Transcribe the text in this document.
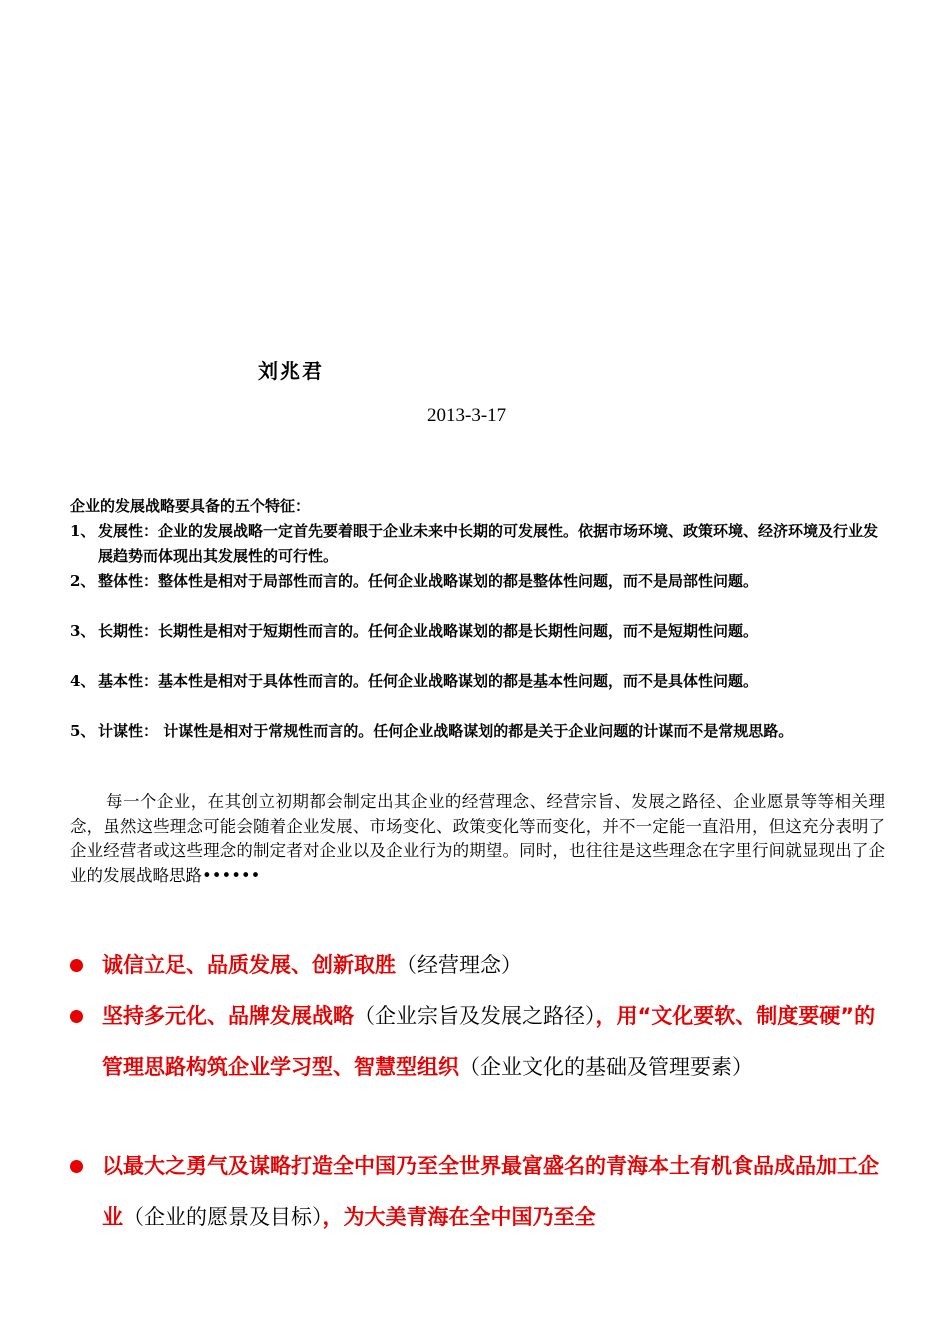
刘兆君
2013-3-17
企业的发展战略要具备的五个特征：
1、 发展性：企业的发展战略一定首先要着眼于企业未来中长期的可发展性。依据市场环境、政策环境、经济环境及行业发展趋势而体现出其发展性的可行性。
2、 整体性：整体性是相对于局部性而言的。任何企业战略谋划的都是整体性问题，而不是局部性问题。
3、 长期性：长期性是相对于短期性而言的。任何企业战略谋划的都是长期性问题，而不是短期性问题。
4、 基本性：基本性是相对于具体性而言的。任何企业战略谋划的都是基本性问题，而不是具体性问题。
5、 计谋性： 计谋性是相对于常规性而言的。任何企业战略谋划的都是关于企业问题的计谋而不是常规思路。
每一个企业，在其创立初期都会制定出其企业的经营理念、经营宗旨、发展之路径、企业愿景等等相关理念，虽然这些理念可能会随着企业发展、市场变化、政策变化等而变化，并不一定能一直沿用，但这充分表明了企业经营者或这些理念的制定者对企业以及企业行为的期望。同时，也往往是这些理念在字里行间就显现出了企业的发展战略思路••••••
诚信立足、品质发展、创新取胜（经营理念）
坚持多元化、品牌发展战略（企业宗旨及发展之路径），用“文化要软、制度要硬”的管理思路构筑企业学习型、智慧型组织（企业文化的基础及管理要素）
以最大之勇气及谋略打造全中国乃至全世界最富盛名的青海本土有机食品成品加工企业（企业的愿景及目标），为大美青海在全中国乃至全
